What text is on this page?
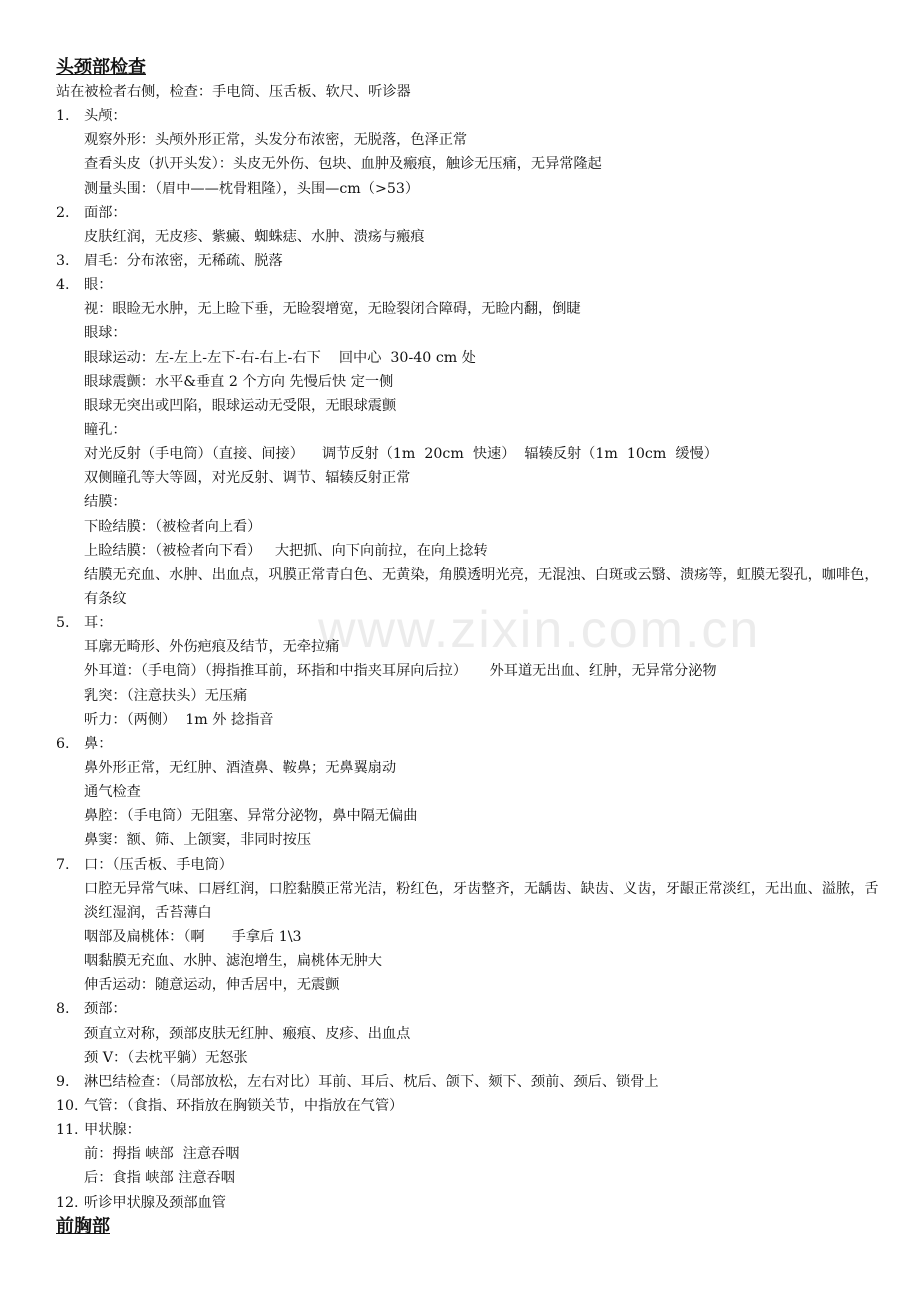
头颈部检查
站在被检者右侧，检查：手电筒、压舌板、软尺、听诊器
1. 头颅：
观察外形：头颅外形正常，头发分布浓密，无脱落，色泽正常
查看头皮（扒开头发）：头皮无外伤、包块、血肿及瘢痕，触诊无压痛，无异常隆起
测量头围：（眉中——枕骨粗隆），头围—cm（>53）
2. 面部：
皮肤红润，无皮疹、紫癜、蜘蛛痣、水肿、溃疡与瘢痕
3. 眉毛：分布浓密，无稀疏、脱落
4. 眼：
视：眼睑无水肿，无上睑下垂，无睑裂增宽，无睑裂闭合障碍，无睑内翻，倒睫
眼球：
眼球运动：左-左上-左下-右-右上-右下    回中心  30-40 cm 处
眼球震颤：水平&垂直 2 个方向 先慢后快 定一侧
眼球无突出或凹陷，眼球运动无受限，无眼球震颤
瞳孔：
对光反射（手电筒）（直接、间接）    调节反射（1m  20cm  快速）  辐辏反射（1m  10cm  缓慢）
双侧瞳孔等大等圆，对光反射、调节、辐辏反射正常
结膜：
下睑结膜：（被检者向上看）
上睑结膜：（被检者向下看）   大把抓、向下向前拉，在向上捻转
结膜无充血、水肿、出血点，巩膜正常青白色、无黄染，角膜透明光亮，无混浊、白斑或云翳、溃疡等，虹膜无裂孔，咖啡色，有条纹
5. 耳：
耳廓无畸形、外伤疤痕及结节，无牵拉痛
外耳道：（手电筒）（拇指推耳前，环指和中指夹耳屏向后拉）     外耳道无出血、红肿，无异常分泌物
乳突：（注意扶头）无压痛
听力：（两侧）  1m 外 捻指音
6. 鼻：
鼻外形正常，无红肿、酒渣鼻、鞍鼻；无鼻翼扇动
通气检查
鼻腔：（手电筒）无阻塞、异常分泌物，鼻中隔无偏曲
鼻窦：额、筛、上颌窦，非同时按压
7. 口：（压舌板、手电筒）
口腔无异常气味、口唇红润，口腔黏膜正常光洁，粉红色，牙齿整齐，无龋齿、缺齿、义齿，牙龈正常淡红，无出血、溢脓，舌淡红湿润，舌苔薄白
咽部及扁桃体：（啊      手拿后 1\3
咽黏膜无充血、水肿、滤泡增生，扁桃体无肿大
伸舌运动：随意运动，伸舌居中，无震颤
8. 颈部：
颈直立对称，颈部皮肤无红肿、瘢痕、皮疹、出血点
颈 V：（去枕平躺）无怒张
9. 淋巴结检查：（局部放松，左右对比）耳前、耳后、枕后、颌下、颏下、颈前、颈后、锁骨上
10. 气管：（食指、环指放在胸锁关节，中指放在气管）
11. 甲状腺：
前：拇指 峡部  注意吞咽
后：食指 峡部 注意吞咽
12. 听诊甲状腺及颈部血管
前胸部
www.zixin.com.cn
